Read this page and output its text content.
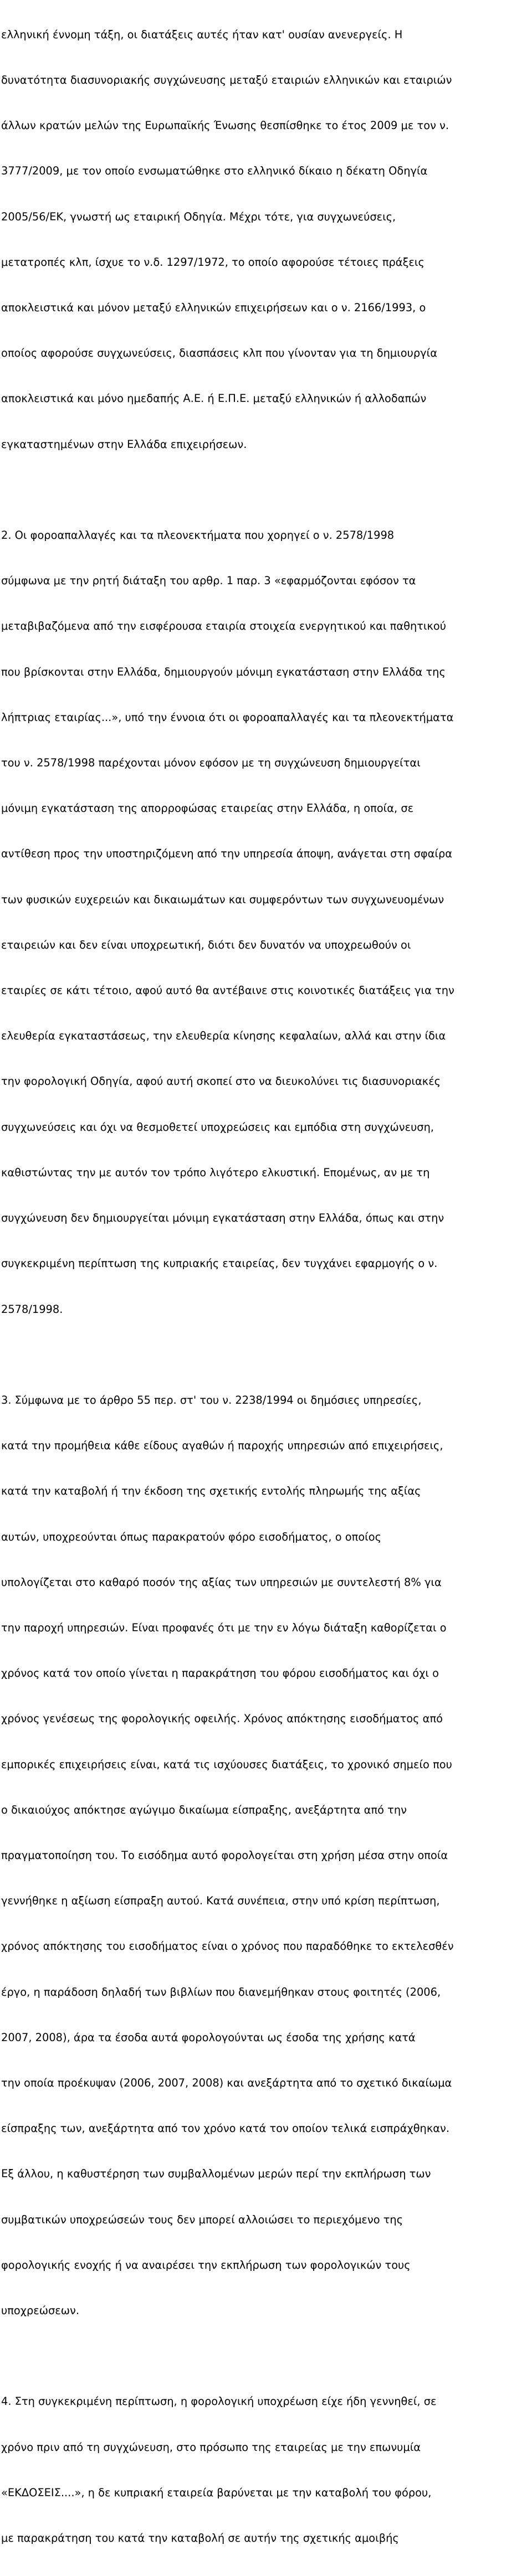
ελληνική έννομη τάξη, οι διατάξεις αυτές ήταν κατ' ουσίαν ανενεργείς. Η

δυνατότητα διασυνοριακής συγχώνευσης μεταξύ εταιριών ελληνικών και εταιριών

άλλων κρατών μελών της Ευρωπαϊκής Ένωσης θεσπίσθηκε το έτος 2009 με τον ν.

3777/2009, με τον οποίο ενσωματώθηκε στο ελληνικό δίκαιο η δέκατη Οδηγία

2005/56/ΕΚ, γνωστή ως εταιρική Οδηγία. Μέχρι τότε, για συγχωνεύσεις,

μετατροπές κλπ, ίσχυε το ν.δ. 1297/1972, το οποίο αφορούσε τέτοιες πράξεις

αποκλειστικά και μόνον μεταξύ ελληνικών επιχειρήσεων και ο ν. 2166/1993, ο

οποίος αφορούσε συγχωνεύσεις, διασπάσεις κλπ που γίνονταν για τη δημιουργία

αποκλειστικά και μόνο ημεδαπής Α.Ε. ή Ε.Π.Ε. μεταξύ ελληνικών ή αλλοδαπών

εγκαταστημένων στην Ελλάδα επιχειρήσεων.

2. Οι φοροαπαλλαγές και τα πλεονεκτήματα που χορηγεί ο ν. 2578/1998

σύμφωνα με την ρητή διάταξη του αρθρ. 1 παρ. 3 «εφαρμόζονται εφόσον τα

μεταβιβαζόμενα από την εισφέρουσα εταιρία στοιχεία ενεργητικού και παθητικού

που βρίσκονται στην Ελλάδα, δημιουργούν μόνιμη εγκατάσταση στην Ελλάδα της

λήπτριας εταιρίας...», υπό την έννοια ότι οι φοροαπαλλαγές και τα πλεονεκτήματα

του ν. 2578/1998 παρέχονται μόνον εφόσον με τη συγχώνευση δημιουργείται

μόνιμη εγκατάσταση της απορροφώσας εταιρείας στην Ελλάδα, η οποία, σε

αντίθεση προς την υποστηριζόμενη από την υπηρεσία άποψη, ανάγεται στη σφαίρα

των φυσικών ευχερειών και δικαιωμάτων και συμφερόντων των συγχωνευομένων

εταιρειών και δεν είναι υποχρεωτική, διότι δεν δυνατόν να υποχρεωθούν οι

εταιρίες σε κάτι τέτοιο, αφού αυτό θα αντέβαινε στις κοινοτικές διατάξεις για την

ελευθερία εγκαταστάσεως, την ελευθερία κίνησης κεφαλαίων, αλλά και στην ίδια

την φορολογική Οδηγία, αφού αυτή σκοπεί στο να διευκολύνει τις διασυνοριακές

συγχωνεύσεις και όχι να θεσμοθετεί υποχρεώσεις και εμπόδια στη συγχώνευση,

καθιστώντας την με αυτόν τον τρόπο λιγότερο ελκυστική. Επομένως, αν με τη

συγχώνευση δεν δημιουργείται μόνιμη εγκατάσταση στην Ελλάδα, όπως και στην

συγκεκριμένη περίπτωση της κυπριακής εταιρείας, δεν τυγχάνει εφαρμογής ο ν.

2578/1998.

3. Σύμφωνα με το άρθρο 55 περ. στ' του ν. 2238/1994 οι δημόσιες υπηρεσίες,

κατά την προμήθεια κάθε είδους αγαθών ή παροχής υπηρεσιών από επιχειρήσεις,

κατά την καταβολή ή την έκδοση της σχετικής εντολής πληρωμής της αξίας

αυτών, υποχρεούνται όπως παρακρατούν φόρο εισοδήματος, ο οποίος

υπολογίζεται στο καθαρό ποσόν της αξίας των υπηρεσιών με συντελεστή 8% για

την παροχή υπηρεσιών. Είναι προφανές ότι με την εν λόγω διάταξη καθορίζεται ο

χρόνος κατά τον οποίο γίνεται η παρακράτηση του φόρου εισοδήματος και όχι ο

χρόνος γενέσεως της φορολογικής οφειλής. Χρόνος απόκτησης εισοδήματος από

εμπορικές επιχειρήσεις είναι, κατά τις ισχύουσες διατάξεις, το χρονικό σημείο που

ο δικαιούχος απόκτησε αγώγιμο δικαίωμα είσπραξης, ανεξάρτητα από την

πραγματοποίηση του. Το εισόδημα αυτό φορολογείται στη χρήση μέσα στην οποία

γεννήθηκε η αξίωση είσπραξη αυτού. Κατά συνέπεια, στην υπό κρίση περίπτωση,

χρόνος απόκτησης του εισοδήματος είναι ο χρόνος που παραδόθηκε το εκτελεσθέν

έργο, η παράδοση δηλαδή των βιβλίων που διανεμήθηκαν στους φοιτητές (2006,

2007, 2008), άρα τα έσοδα αυτά φορολογούνται ως έσοδα της χρήσης κατά

την οποία προέκυψαν (2006, 2007, 2008) και ανεξάρτητα από το σχετικό δικαίωμα

είσπραξης των, ανεξάρτητα από τον χρόνο κατά τον οποίον τελικά εισπράχθηκαν.

Εξ άλλου, η καθυστέρηση των συμβαλλομένων μερών περί την εκπλήρωση των

συμβατικών υποχρεώσεών τους δεν μπορεί αλλοιώσει το περιεχόμενο της

φορολογικής ενοχής ή να αναιρέσει την εκπλήρωση των φορολογικών τους

υποχρεώσεων.

4. Στη συγκεκριμένη περίπτωση, η φορολογική υποχρέωση είχε ήδη γεννηθεί, σε

χρόνο πριν από τη συγχώνευση, στο πρόσωπο της εταιρείας με την επωνυμία

«ΕΚΔΟΣΕΙΣ....», η δε κυπριακή εταιρεία βαρύνεται με την καταβολή του φόρου,

με παρακράτηση του κατά την καταβολή σε αυτήν της σχετικής αμοιβής
